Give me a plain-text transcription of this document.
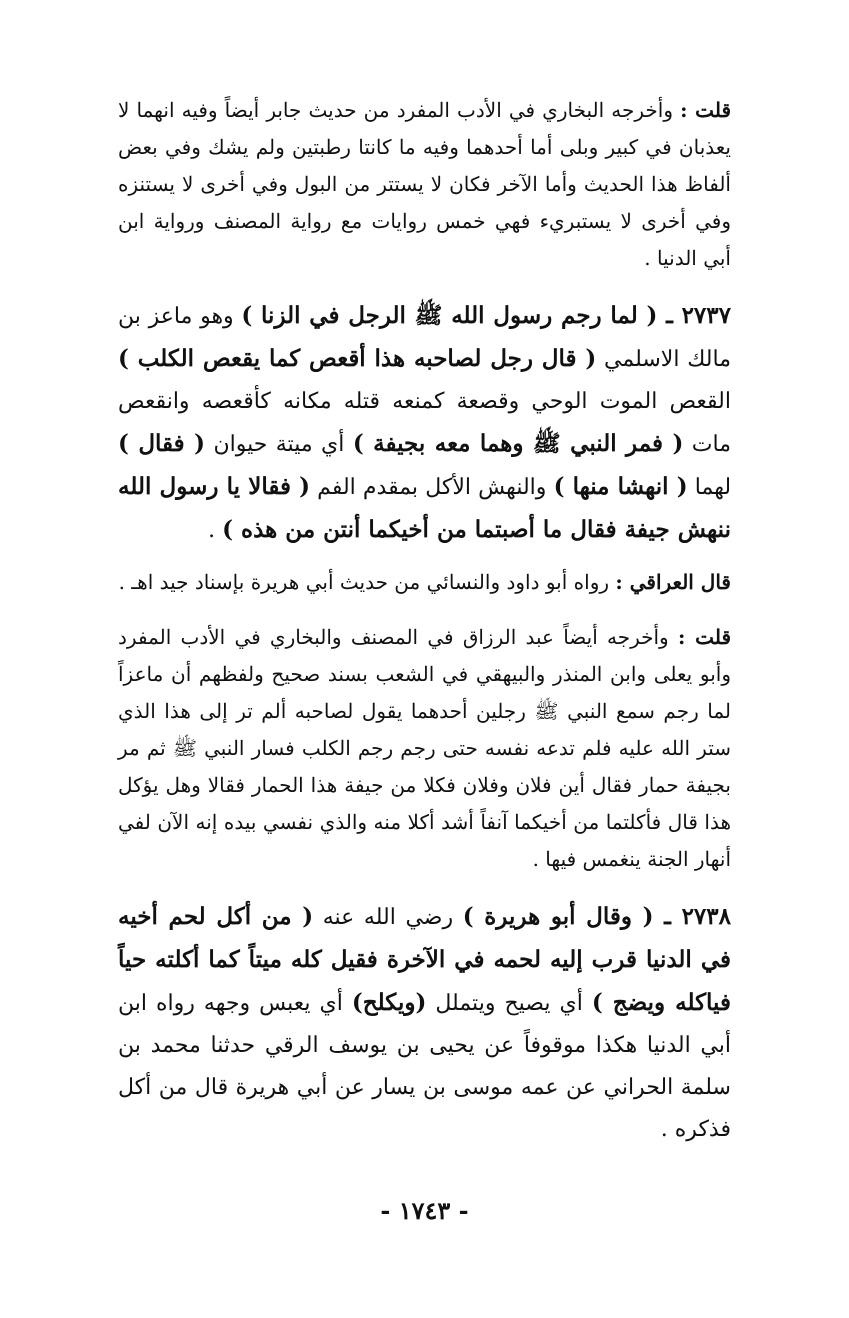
قلت : وأخرجه البخاري في الأدب المفرد من حديث جابر أيضاً وفيه انهما لا يعذبان في كبير وبلى أما أحدهما وفيه ما كانتا رطبتين ولم يشك وفي بعض ألفاظ هذا الحديث وأما الآخر فكان لا يستتر من البول وفي أخرى لا يستنزه وفي أخرى لا يستبريء فهي خمس روايات مع رواية المصنف ورواية ابن أبي الدنيا .

٢٧٣٧ ـ ( لما رجم رسول الله ﷺ الرجل في الزنا ) وهو ماعز بن مالك الاسلمي ( قال رجل لصاحبه هذا أقعص كما يقعص الكلب ) القعص الموت الوحي وقصعة كمنعه قتله مكانه كأقعصه وانقعص مات ( فمر النبي ﷺ وهما معه بجيفة ) أي ميتة حيوان ( فقال ) لهما ( انهشا منها ) والنهش الأكل بمقدم الفم ( فقالا يا رسول الله ننهش جيفة فقال ما أصبتما من أخيكما أنتن من هذه ) .

قال العراقي : رواه أبو داود والنسائي من حديث أبي هريرة بإسناد جيد اهـ .

قلت : وأخرجه أيضاً عبد الرزاق في المصنف والبخاري في الأدب المفرد وأبو يعلى وابن المنذر والبيهقي في الشعب بسند صحيح ولفظهم أن ماعزاً لما رجم سمع النبي ﷺ رجلين أحدهما يقول لصاحبه ألم تر إلى هذا الذي ستر الله عليه فلم تدعه نفسه حتى رجم رجم الكلب فسار النبي ﷺ ثم مر بجيفة حمار فقال أين فلان وفلان فكلا من جيفة هذا الحمار فقالا وهل يؤكل هذا قال فأكلتما من أخيكما آنفاً أشد أكلا منه والذي نفسي بيده إنه الآن لفي أنهار الجنة ينغمس فيها .

٢٧٣٨ ـ ( وقال أبو هريرة ) رضي الله عنه ( من أكل لحم أخيه في الدنيا قرب إليه لحمه في الآخرة فقيل كله ميتاً كما أكلته حياً فياكله ويضج ) أي يصيح ويتملل (ويكلح) أي يعبس وجهه رواه ابن أبي الدنيا هكذا موقوفاً عن يحيى بن يوسف الرقي حدثنا محمد بن سلمة الحراني عن عمه موسى بن يسار عن أبي هريرة قال من أكل فذكره .

- ١٧٤٣ -
